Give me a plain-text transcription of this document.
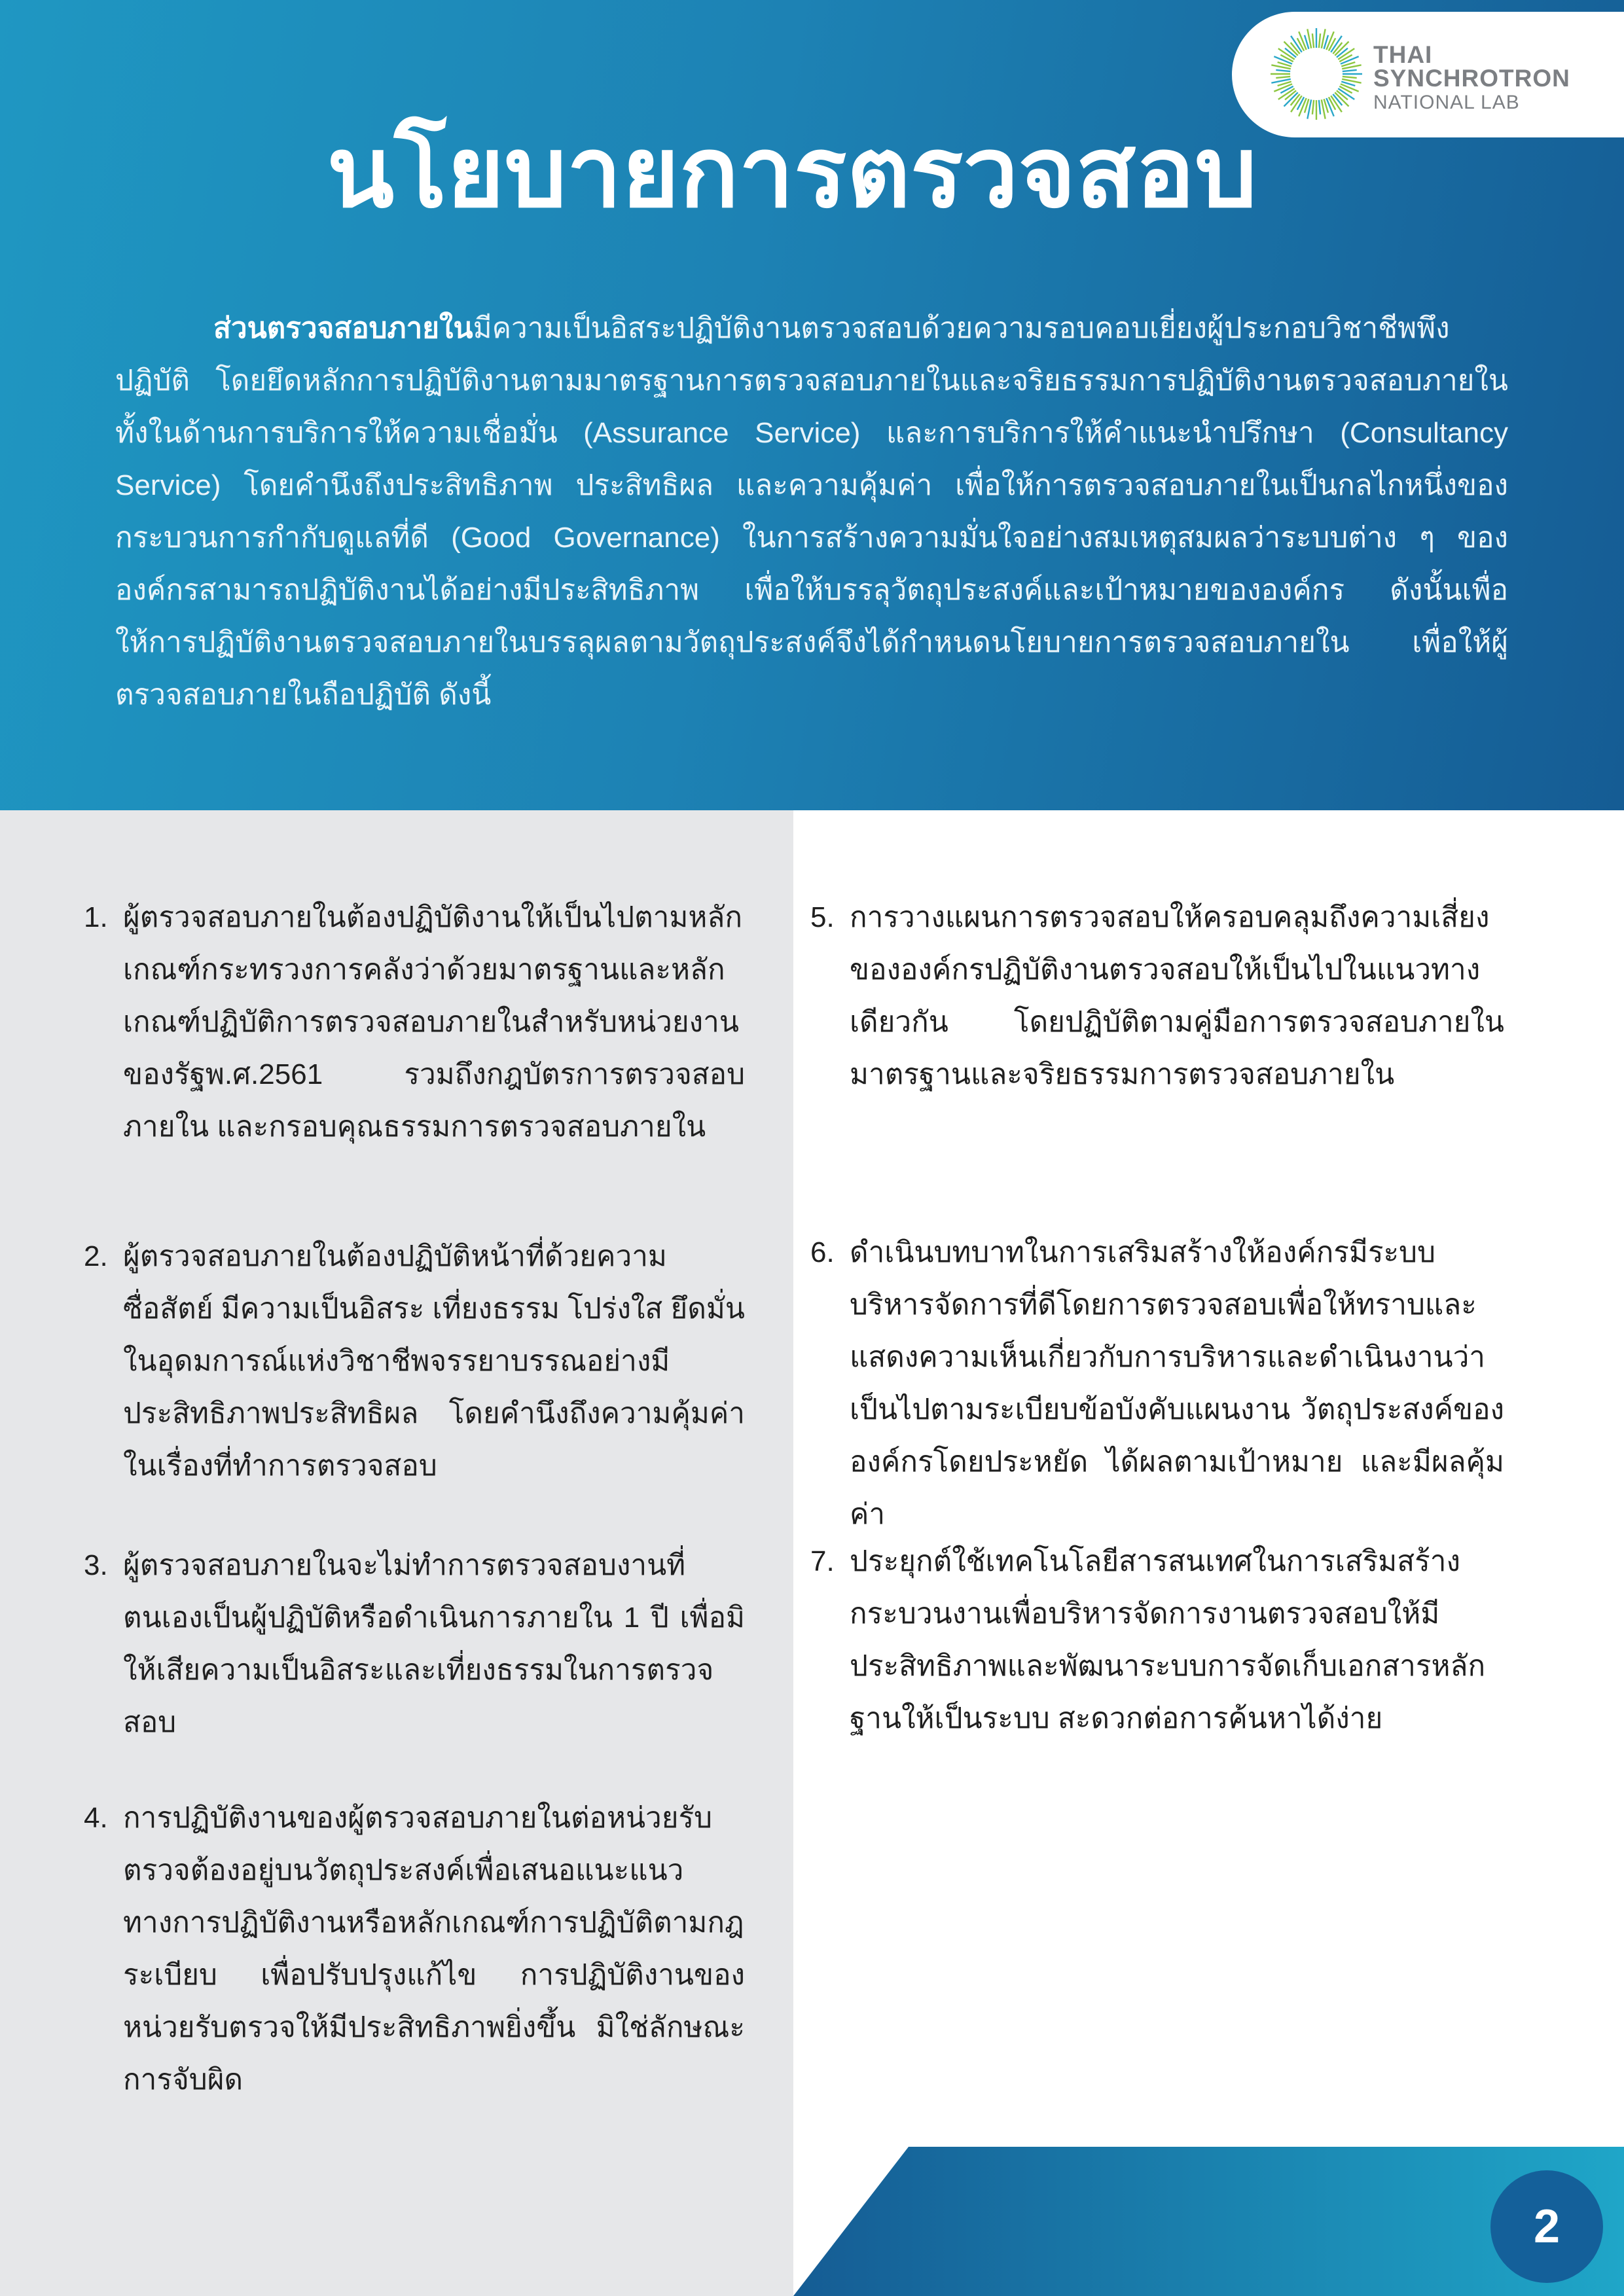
THAI
SYNCHROTRON
NATIONAL LAB
นโยบายการตรวจสอบ

ส่วนตรวจสอบภายในมีความเป็นอิสระปฏิบัติงานตรวจสอบด้วยความรอบคอบเยี่ยงผู้ประกอบวิชาชีพพึงปฏิบัติ โดยยึดหลักการปฏิบัติงานตามมาตรฐานการตรวจสอบภายในและจริยธรรมการปฏิบัติงานตรวจสอบภายใน ทั้งในด้านการบริการให้ความเชื่อมั่น (Assurance Service) และการบริการให้คำแนะนำปรึกษา (Consultancy Service) โดยคำนึงถึงประสิทธิภาพ ประสิทธิผล และความคุ้มค่า เพื่อให้การตรวจสอบภายในเป็นกลไกหนึ่งของกระบวนการกำกับดูแลที่ดี (Good Governance) ในการสร้างความมั่นใจอย่างสมเหตุสมผลว่าระบบต่าง ๆ ขององค์กรสามารถปฏิบัติงานได้อย่างมีประสิทธิภาพ เพื่อให้บรรลุวัตถุประสงค์และเป้าหมายขององค์กร ดังนั้นเพื่อให้การปฏิบัติงานตรวจสอบภายในบรรลุผลตามวัตถุประสงค์จึงได้กำหนดนโยบายการตรวจสอบภายใน เพื่อให้ผู้ตรวจสอบภายในถือปฏิบัติ ดังนี้

1. ผู้ตรวจสอบภายในต้องปฏิบัติงานให้เป็นไปตามหลักเกณฑ์กระทรวงการคลังว่าด้วยมาตรฐานและหลักเกณฑ์ปฏิบัติการตรวจสอบภายในสำหรับหน่วยงานของรัฐพ.ศ.2561 รวมถึงกฎบัตรการตรวจสอบภายใน และกรอบคุณธรรมการตรวจสอบภายใน
2. ผู้ตรวจสอบภายในต้องปฏิบัติหน้าที่ด้วยความซื่อสัตย์ มีความเป็นอิสระ เที่ยงธรรม โปร่งใส ยึดมั่นในอุดมการณ์แห่งวิชาชีพจรรยาบรรณอย่างมีประสิทธิภาพประสิทธิผล โดยคำนึงถึงความคุ้มค่าในเรื่องที่ทำการตรวจสอบ
3. ผู้ตรวจสอบภายในจะไม่ทำการตรวจสอบงานที่ตนเองเป็นผู้ปฏิบัติหรือดำเนินการภายใน 1 ปี เพื่อมิให้เสียความเป็นอิสระและเที่ยงธรรมในการตรวจสอบ
4. การปฏิบัติงานของผู้ตรวจสอบภายในต่อหน่วยรับตรวจต้องอยู่บนวัตถุประสงค์เพื่อเสนอแนะแนวทางการปฏิบัติงานหรือหลักเกณฑ์การปฏิบัติตามกฎระเบียบ เพื่อปรับปรุงแก้ไข การปฏิบัติงานของหน่วยรับตรวจให้มีประสิทธิภาพยิ่งขึ้น มิใช่ลักษณะการจับผิด
5. การวางแผนการตรวจสอบให้ครอบคลุมถึงความเสี่ยงขององค์กรปฏิบัติงานตรวจสอบให้เป็นไปในแนวทางเดียวกัน โดยปฏิบัติตามคู่มือการตรวจสอบภายใน มาตรฐานและจริยธรรมการตรวจสอบภายใน
6. ดำเนินบทบาทในการเสริมสร้างให้องค์กรมีระบบบริหารจัดการที่ดีโดยการตรวจสอบเพื่อให้ทราบและแสดงความเห็นเกี่ยวกับการบริหารและดำเนินงานว่าเป็นไปตามระเบียบข้อบังคับแผนงาน วัตถุประสงค์ขององค์กรโดยประหยัด ได้ผลตามเป้าหมาย และมีผลคุ้มค่า
7. ประยุกต์ใช้เทคโนโลยีสารสนเทศในการเสริมสร้างกระบวนงานเพื่อบริหารจัดการงานตรวจสอบให้มีประสิทธิภาพและพัฒนาระบบการจัดเก็บเอกสารหลักฐานให้เป็นระบบ สะดวกต่อการค้นหาได้ง่าย
2
